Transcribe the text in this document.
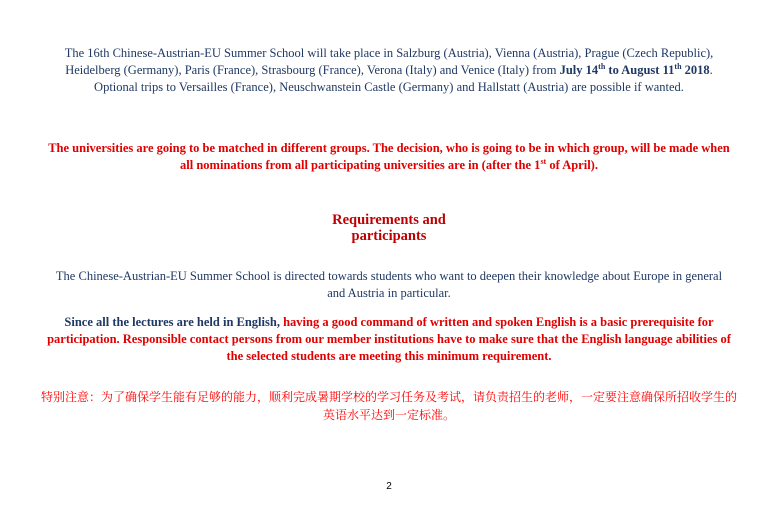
The 16th Chinese-Austrian-EU Summer School will take place in Salzburg (Austria), Vienna (Austria), Prague (Czech Republic), Heidelberg (Germany), Paris (France), Strasbourg (France), Verona (Italy) and Venice (Italy) from July 14th to August 11th 2018. Optional trips to Versailles (France), Neuschwanstein Castle (Germany) and Hallstatt (Austria) are possible if wanted.
The universities are going to be matched in different groups. The decision, who is going to be in which group, will be made when all nominations from all participating universities are in (after the 1st of April).
Requirements and
participants
The Chinese-Austrian-EU Summer School is directed towards students who want to deepen their knowledge about Europe in general and Austria in particular.
Since all the lectures are held in English, having a good command of written and spoken English is a basic prerequisite for participation. Responsible contact persons from our member institutions have to make sure that the English language abilities of the selected students are meeting this minimum requirement.
特别注意：为了确保学生能有足够的能力，顺利完成暑期学校的学习任务及考试，请负责招生的老师，一定要注意确保所招收学生的英语水平达到一定标准。
2
